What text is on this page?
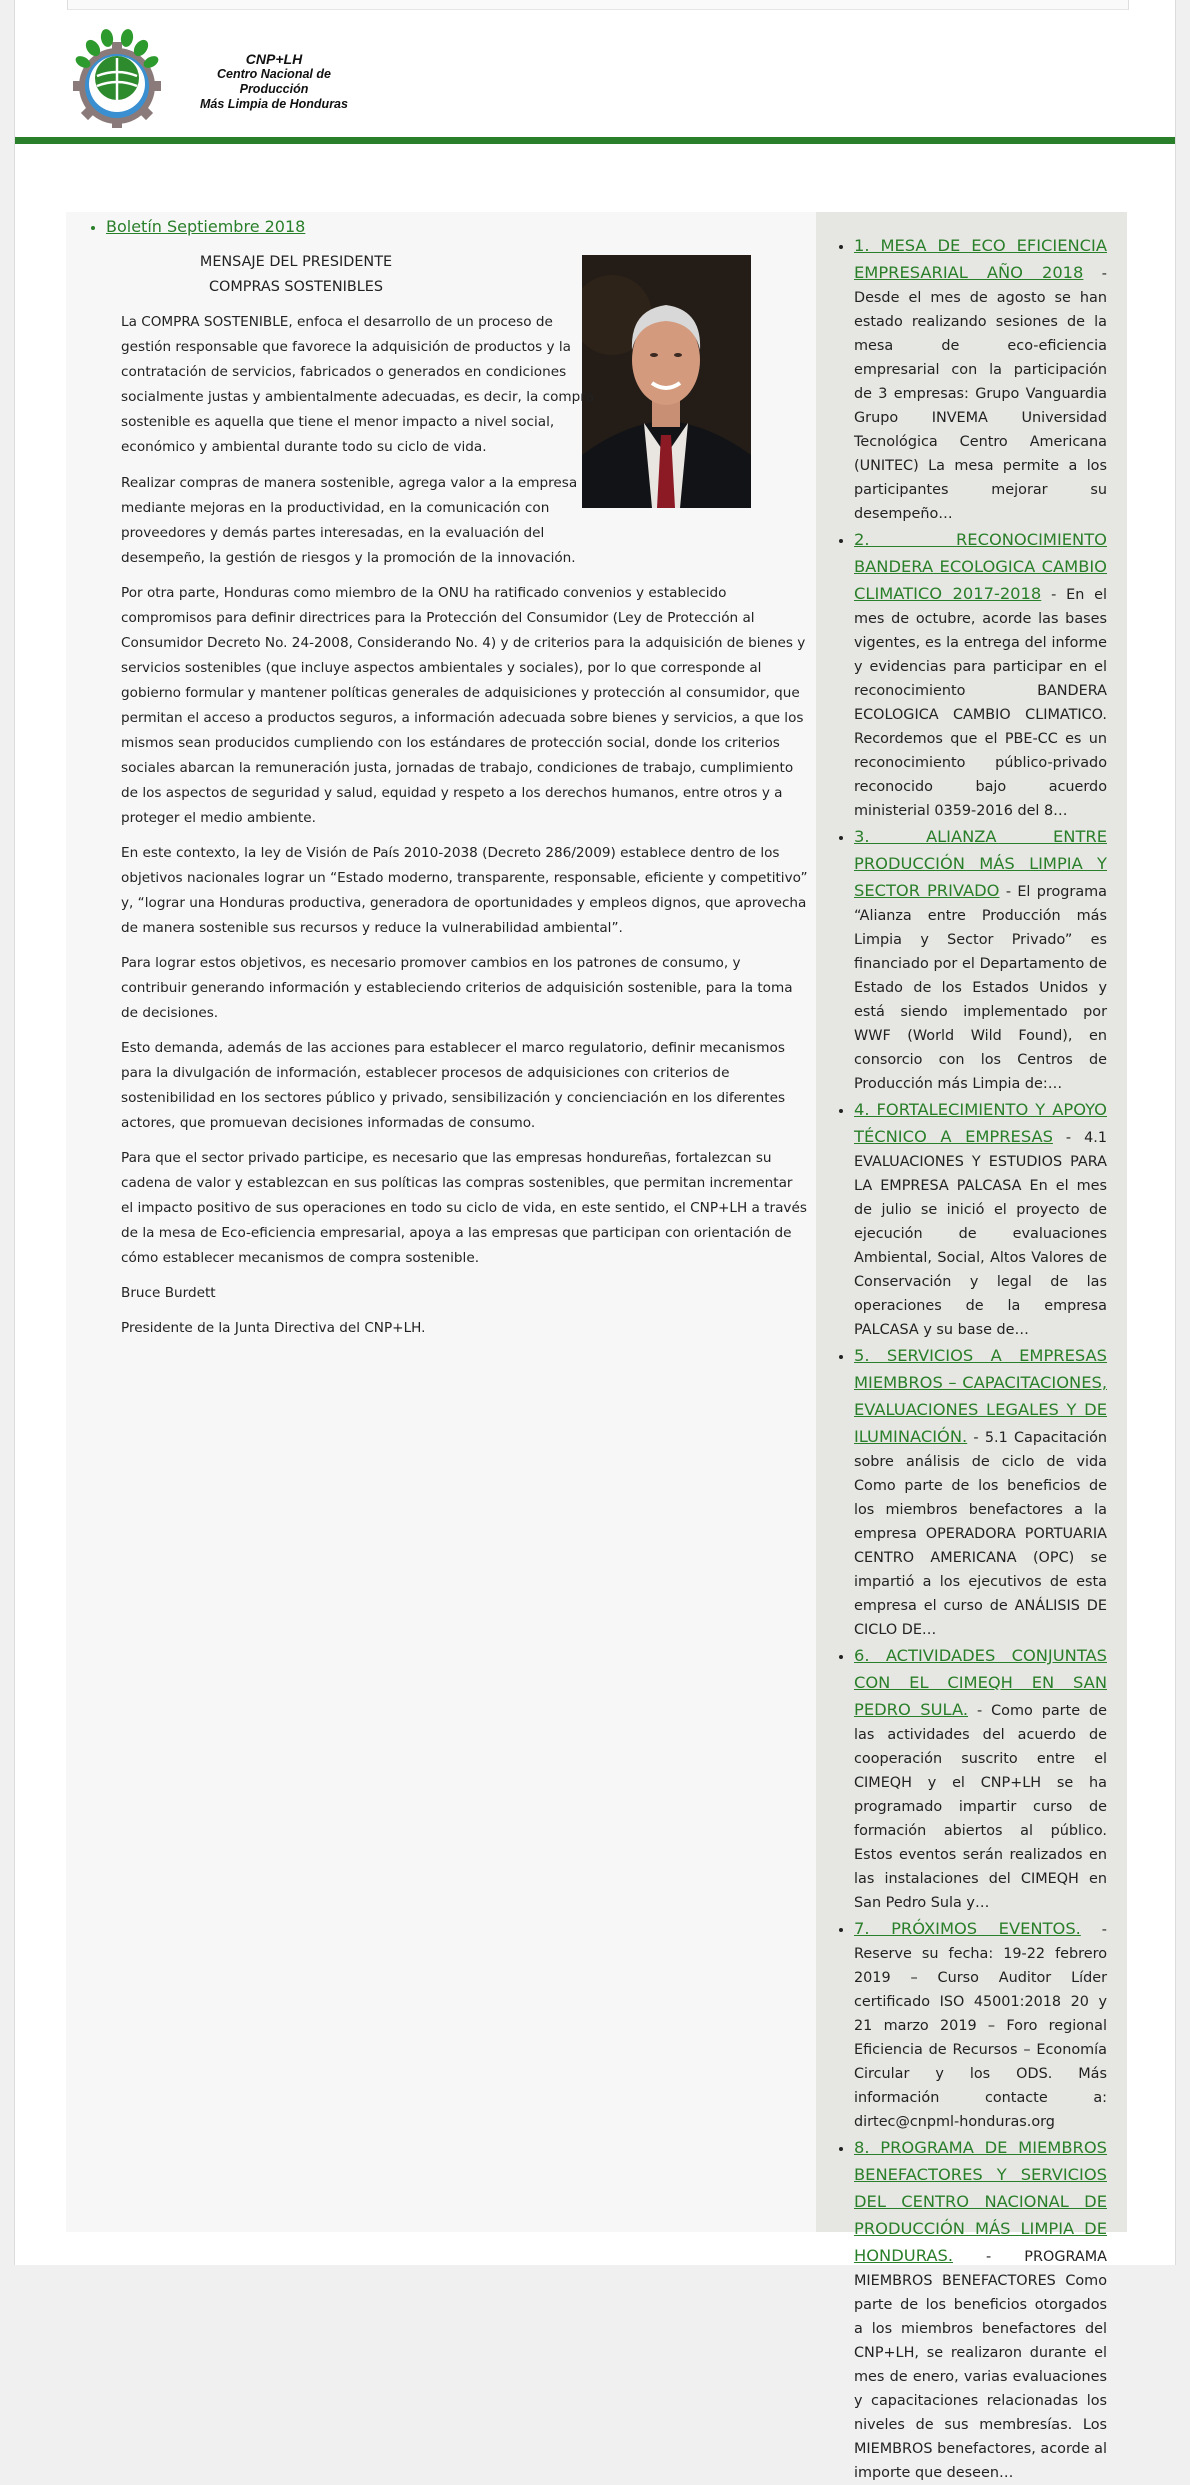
CNP+LH
Centro Nacional de Producción
Más Limpia de Honduras
• Boletín Septiembre 2018
MENSAJE DEL PRESIDENTE
COMPRAS SOSTENIBLES

La COMPRA SOSTENIBLE, enfoca el desarrollo de un proceso de
gestión responsable que favorece la adquisición de productos y la
contratación de servicios, fabricados o generados en condiciones
socialmente justas y ambientalmente adecuadas, es decir, la compra
sostenible es aquella que tiene el menor impacto a nivel social,
económico y ambiental durante todo su ciclo de vida.

Realizar compras de manera sostenible, agrega valor a la empresa
mediante mejoras en la productividad, en la comunicación con
proveedores y demás partes interesadas, en la evaluación del
desempeño, la gestión de riesgos y la promoción de la innovación.

Por otra parte, Honduras como miembro de la ONU ha ratificado convenios y establecido
compromisos para definir directrices para la Protección del Consumidor (Ley de Protección al
Consumidor Decreto No. 24-2008, Considerando No. 4) y de criterios para la adquisición de bienes y
servicios sostenibles (que incluye aspectos ambientales y sociales), por lo que corresponde al
gobierno formular y mantener políticas generales de adquisiciones y protección al consumidor, que
permitan el acceso a productos seguros, a información adecuada sobre bienes y servicios, a que los
mismos sean producidos cumpliendo con los estándares de protección social, donde los criterios
sociales abarcan la remuneración justa, jornadas de trabajo, condiciones de trabajo, cumplimiento
de los aspectos de seguridad y salud, equidad y respeto a los derechos humanos, entre otros y a
proteger el medio ambiente.

En este contexto, la ley de Visión de País 2010-2038 (Decreto 286/2009) establece dentro de los
objetivos nacionales lograr un “Estado moderno, transparente, responsable, eficiente y competitivo”
y, “lograr una Honduras productiva, generadora de oportunidades y empleos dignos, que aprovecha
de manera sostenible sus recursos y reduce la vulnerabilidad ambiental”.

Para lograr estos objetivos, es necesario promover cambios en los patrones de consumo, y
contribuir generando información y estableciendo criterios de adquisición sostenible, para la toma
de decisiones.

Esto demanda, además de las acciones para establecer el marco regulatorio, definir mecanismos
para la divulgación de información, establecer procesos de adquisiciones con criterios de
sostenibilidad en los sectores público y privado, sensibilización y concienciación en los diferentes
actores, que promuevan decisiones informadas de consumo.

Para que el sector privado participe, es necesario que las empresas hondureñas, fortalezcan su
cadena de valor y establezcan en sus políticas las compras sostenibles, que permitan incrementar
el impacto positivo de sus operaciones en todo su ciclo de vida, en este sentido, el CNP+LH a través
de la mesa de Eco-eficiencia empresarial, apoya a las empresas que participan con orientación de
cómo establecer mecanismos de compra sostenible.

Bruce Burdett

Presidente de la Junta Directiva del CNP+LH.

• 1. MESA DE ECO EFICIENCIA EMPRESARIAL AÑO 2018 - Desde el mes de agosto se han estado realizando sesiones de la mesa de eco-eficiencia empresarial con la participación de 3 empresas: Grupo Vanguardia Grupo INVEMA Universidad Tecnológica Centro Americana (UNITEC) La mesa permite a los participantes mejorar su desempeño…
• 2. RECONOCIMIENTO BANDERA ECOLOGICA CAMBIO CLIMATICO 2017-2018 - En el mes de octubre, acorde las bases vigentes, es la entrega del informe y evidencias para participar en el reconocimiento BANDERA ECOLOGICA CAMBIO CLIMATICO. Recordemos que el PBE-CC es un reconocimiento público-privado reconocido bajo acuerdo ministerial 0359-2016 del 8…
• 3. ALIANZA ENTRE PRODUCCIÓN MÁS LIMPIA Y SECTOR PRIVADO - El programa “Alianza entre Producción más Limpia y Sector Privado” es financiado por el Departamento de Estado de los Estados Unidos y está siendo implementado por WWF (World Wild Found), en consorcio con los Centros de Producción más Limpia de:…
• 4. FORTALECIMIENTO Y APOYO TÉCNICO A EMPRESAS - 4.1 EVALUACIONES Y ESTUDIOS PARA LA EMPRESA PALCASA En el mes de julio se inició el proyecto de ejecución de evaluaciones Ambiental, Social, Altos Valores de Conservación y legal de las operaciones de la empresa PALCASA y su base de…
• 5. SERVICIOS A EMPRESAS MIEMBROS – CAPACITACIONES, EVALUACIONES LEGALES Y DE ILUMINACIÓN. - 5.1 Capacitación sobre análisis de ciclo de vida Como parte de los beneficios de los miembros benefactores a la empresa OPERADORA PORTUARIA CENTRO AMERICANA (OPC) se impartió a los ejecutivos de esta empresa el curso de ANÁLISIS DE CICLO DE…
• 6. ACTIVIDADES CONJUNTAS CON EL CIMEQH EN SAN PEDRO SULA. - Como parte de las actividades del acuerdo de cooperación suscrito entre el CIMEQH y el CNP+LH se ha programado impartir curso de formación abiertos al público. Estos eventos serán realizados en las instalaciones del CIMEQH en San Pedro Sula y…
• 7. PRÓXIMOS EVENTOS. - Reserve su fecha: 19-22 febrero 2019 – Curso Auditor Líder certificado ISO 45001:2018 20 y 21 marzo 2019 – Foro regional Eficiencia de Recursos – Economía Circular y los ODS. Más información contacte a: dirtec@cnpml-honduras.org
• 8. PROGRAMA DE MIEMBROS BENEFACTORES Y SERVICIOS DEL CENTRO NACIONAL DE PRODUCCIÓN MÁS LIMPIA DE HONDURAS. - PROGRAMA MIEMBROS BENEFACTORES Como parte de los beneficios otorgados a los miembros benefactores del CNP+LH, se realizaron durante el mes de enero, varias evaluaciones y capacitaciones relacionadas los niveles de sus membresías. Los MIEMBROS benefactores, acorde al importe que deseen…
